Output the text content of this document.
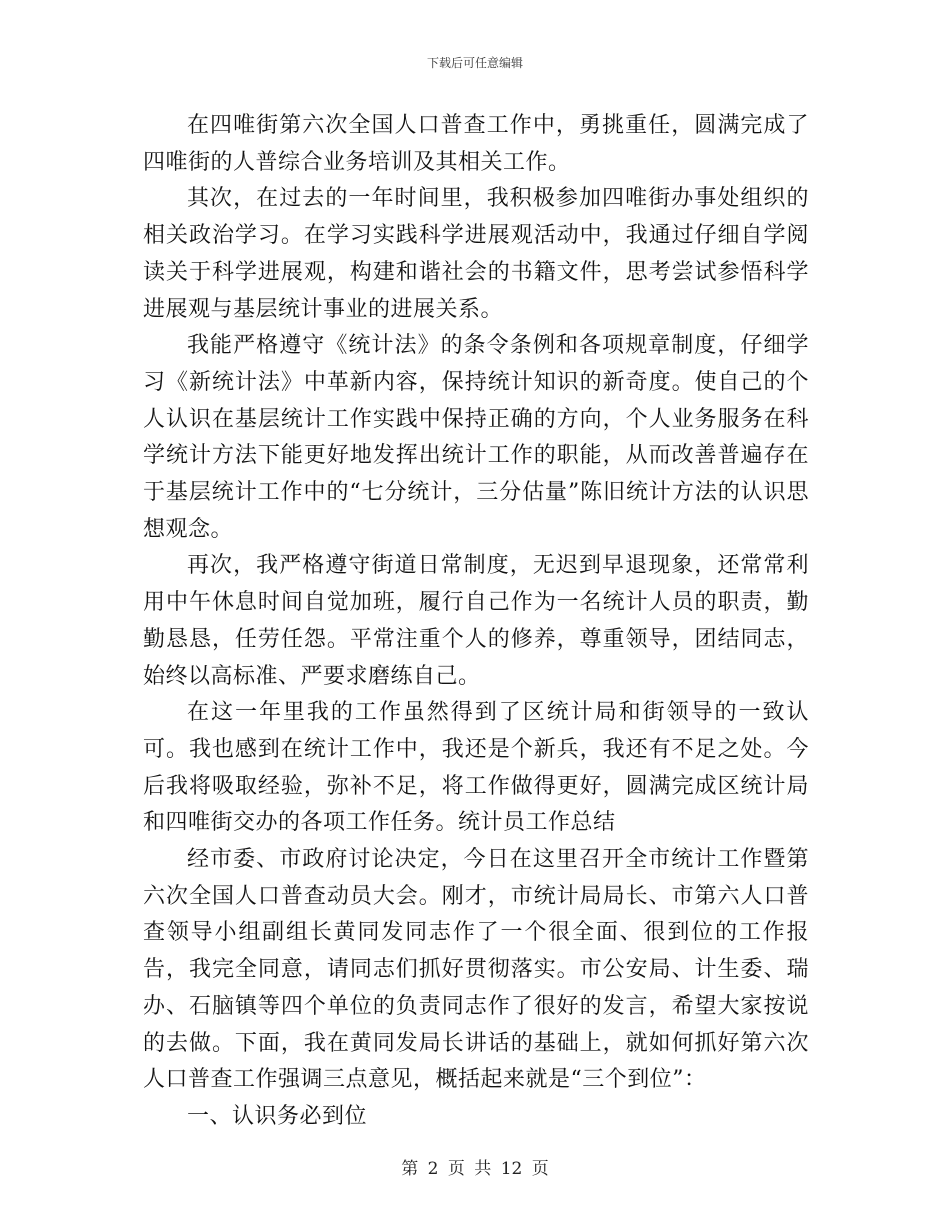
下载后可任意编辑

在四唯街第六次全国人口普查工作中，勇挑重任，圆满完成了四唯街的人普综合业务培训及其相关工作。

其次，在过去的一年时间里，我积极参加四唯街办事处组织的相关政治学习。在学习实践科学进展观活动中，我通过仔细自学阅读关于科学进展观，构建和谐社会的书籍文件，思考尝试参悟科学进展观与基层统计事业的进展关系。

我能严格遵守《统计法》的条令条例和各项规章制度，仔细学习《新统计法》中革新内容，保持统计知识的新奇度。使自己的个人认识在基层统计工作实践中保持正确的方向，个人业务服务在科学统计方法下能更好地发挥出统计工作的职能，从而改善普遍存在于基层统计工作中的“七分统计，三分估量”陈旧统计方法的认识思想观念。

再次，我严格遵守街道日常制度，无迟到早退现象，还常常利用中午休息时间自觉加班，履行自己作为一名统计人员的职责，勤勤恳恳，任劳任怨。平常注重个人的修养，尊重领导，团结同志，始终以高标准、严要求磨练自己。

在这一年里我的工作虽然得到了区统计局和街领导的一致认可。我也感到在统计工作中，我还是个新兵，我还有不足之处。今后我将吸取经验，弥补不足，将工作做得更好，圆满完成区统计局和四唯街交办的各项工作任务。统计员工作总结

经市委、市政府讨论决定，今日在这里召开全市统计工作暨第六次全国人口普查动员大会。刚才，市统计局局长、市第六人口普查领导小组副组长黄同发同志作了一个很全面、很到位的工作报告，我完全同意，请同志们抓好贯彻落实。市公安局、计生委、瑞办、石脑镇等四个单位的负责同志作了很好的发言，希望大家按说的去做。下面，我在黄同发局长讲话的基础上，就如何抓好第六次人口普查工作强调三点意见，概括起来就是“三个到位”：

一、认识务必到位

第 2 页 共 12 页
